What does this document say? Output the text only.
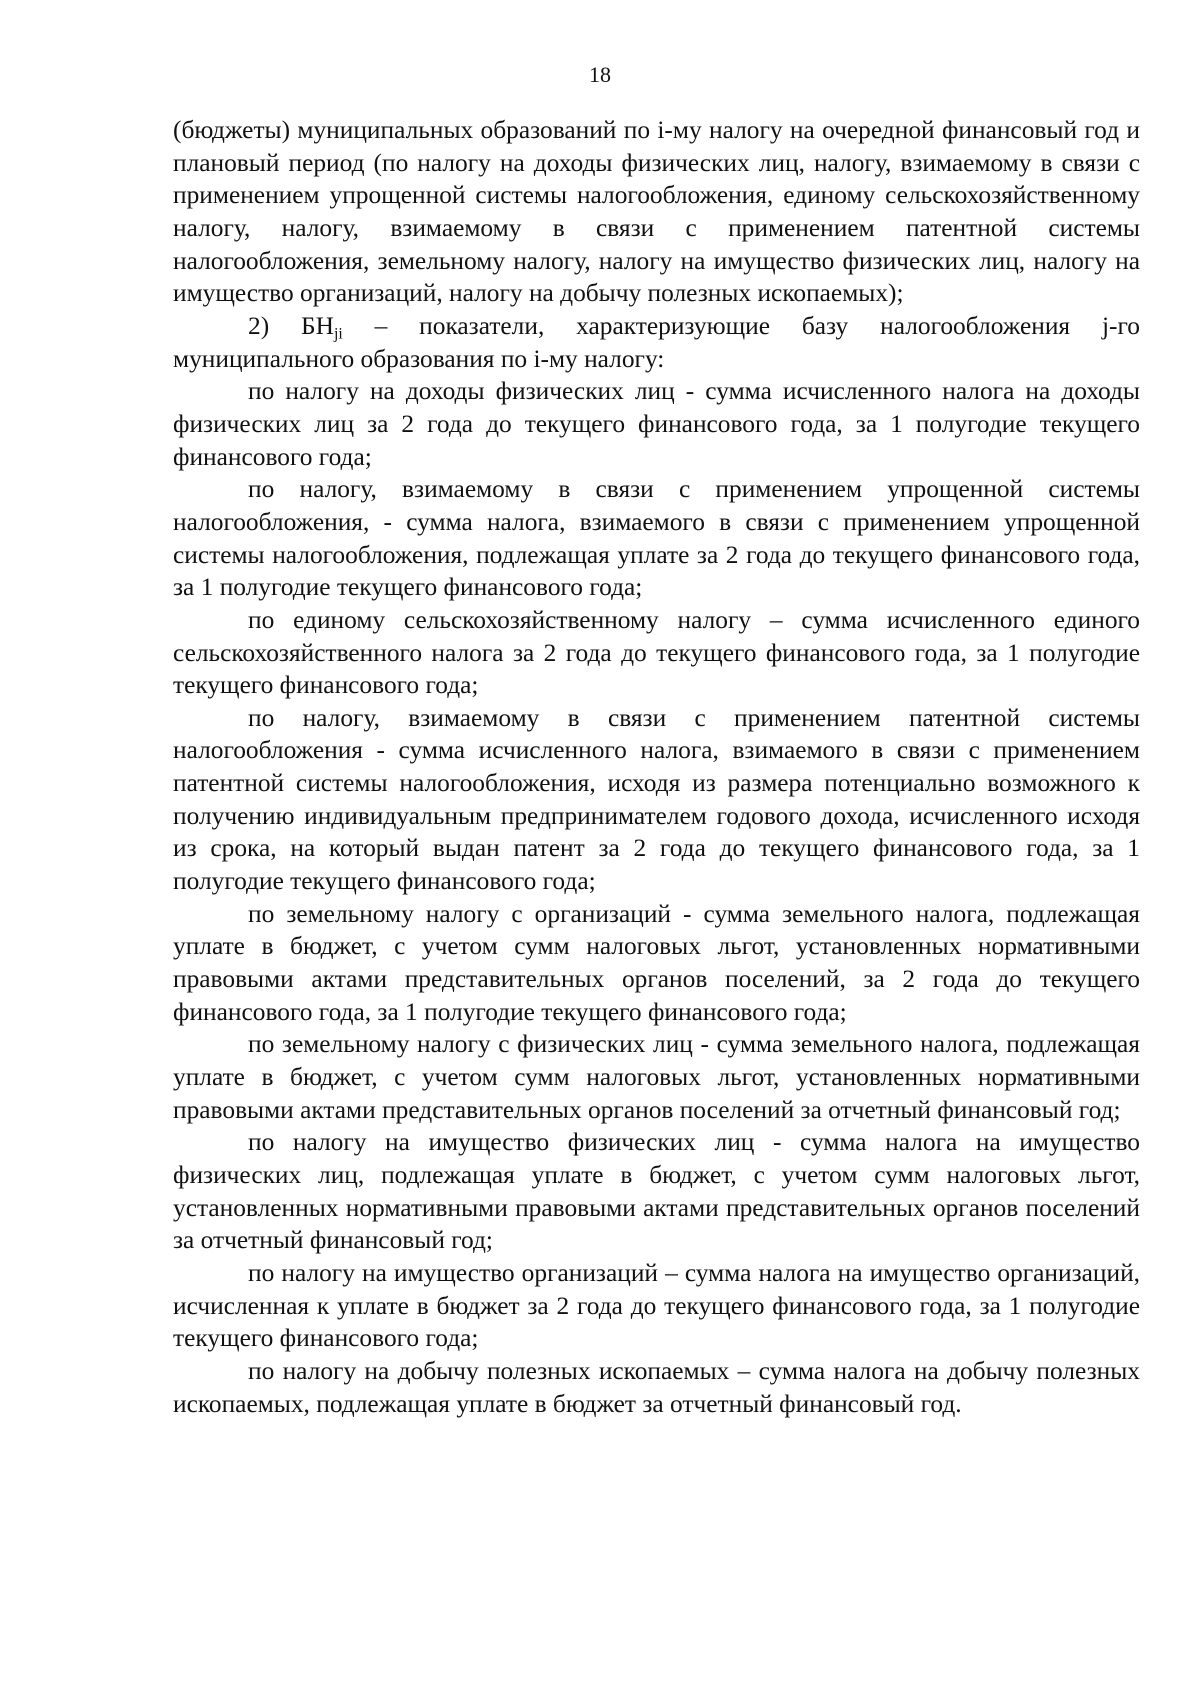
18

(бюджеты) муниципальных образований по i-му налогу на очередной финансовый год и плановый период (по налогу на доходы физических лиц, налогу, взимаемому в связи с применением упрощенной системы налогообложения, единому сельскохозяйственному налогу, налогу, взимаемому в связи с применением патентной системы налогообложения, земельному налогу, налогу на имущество физических лиц, налогу на имущество организаций, налогу на добычу полезных ископаемых);

2) $БН_{ji}$ – показатели, характеризующие базу налогообложения j-го муниципального образования по i-му налогу:

по налогу на доходы физических лиц - сумма исчисленного налога на доходы физических лиц за 2 года до текущего финансового года, за 1 полугодие текущего финансового года;

по налогу, взимаемому в связи с применением упрощенной системы налогообложения, - сумма налога, взимаемого в связи с применением упрощенной системы налогообложения, подлежащая уплате за 2 года до текущего финансового года, за 1 полугодие текущего финансового года;

по единому сельскохозяйственному налогу – сумма исчисленного единого сельскохозяйственного налога за 2 года до текущего финансового года, за 1 полугодие текущего финансового года;

по налогу, взимаемому в связи с применением патентной системы налогообложения - сумма исчисленного налога, взимаемого в связи с применением патентной системы налогообложения, исходя из размера потенциально возможного к получению индивидуальным предпринимателем годового дохода, исчисленного исходя из срока, на который выдан патент за 2 года до текущего финансового года, за 1 полугодие текущего финансового года;

по земельному налогу с организаций - сумма земельного налога, подлежащая уплате в бюджет, с учетом сумм налоговых льгот, установленных нормативными правовыми актами представительных органов поселений, за 2 года до текущего финансового года, за 1 полугодие текущего финансового года;

по земельному налогу с физических лиц - сумма земельного налога, подлежащая уплате в бюджет, с учетом сумм налоговых льгот, установленных нормативными правовыми актами представительных органов поселений за отчетный финансовый год;

по налогу на имущество физических лиц - сумма налога на имущество физических лиц, подлежащая уплате в бюджет, с учетом сумм налоговых льгот, установленных нормативными правовыми актами представительных органов поселений за отчетный финансовый год;

по налогу на имущество организаций – сумма налога на имущество организаций, исчисленная к уплате в бюджет за 2 года до текущего финансового года, за 1 полугодие текущего финансового года;

по налогу на добычу полезных ископаемых – сумма налога на добычу полезных ископаемых, подлежащая уплате в бюджет за отчетный финансовый год.
